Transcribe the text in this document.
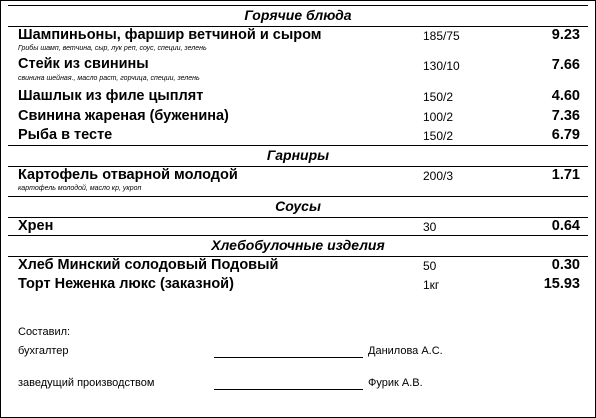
Горячие блюда
Шампиньоны, фаршир ветчиной и сыром	185/75	9.23
Грибы шамп, ветчина, сыр, лук реп, соус, специи, зелень
Стейк из свинины	130/10	7.66
свинина шейная., масло раст, горчица, специи, зелень
Шашлык из филе цыплят	150/2	4.60
Свинина жареная (буженина)	100/2	7.36
Рыба в тесте	150/2	6.79
Гарниры
Картофель отварной молодой	200/3	1.71
картофель молодой, масло кр, укроп
Соусы
Хрен	30	0.64
Хлебобулочные изделия
Хлеб Минский солодовый Подовый	50	0.30
Торт Неженка люкс (заказной)	1кг	15.93
Составил:
бухгалтер	Данилова А.С.
заведущий производством	Фурик А.В.
